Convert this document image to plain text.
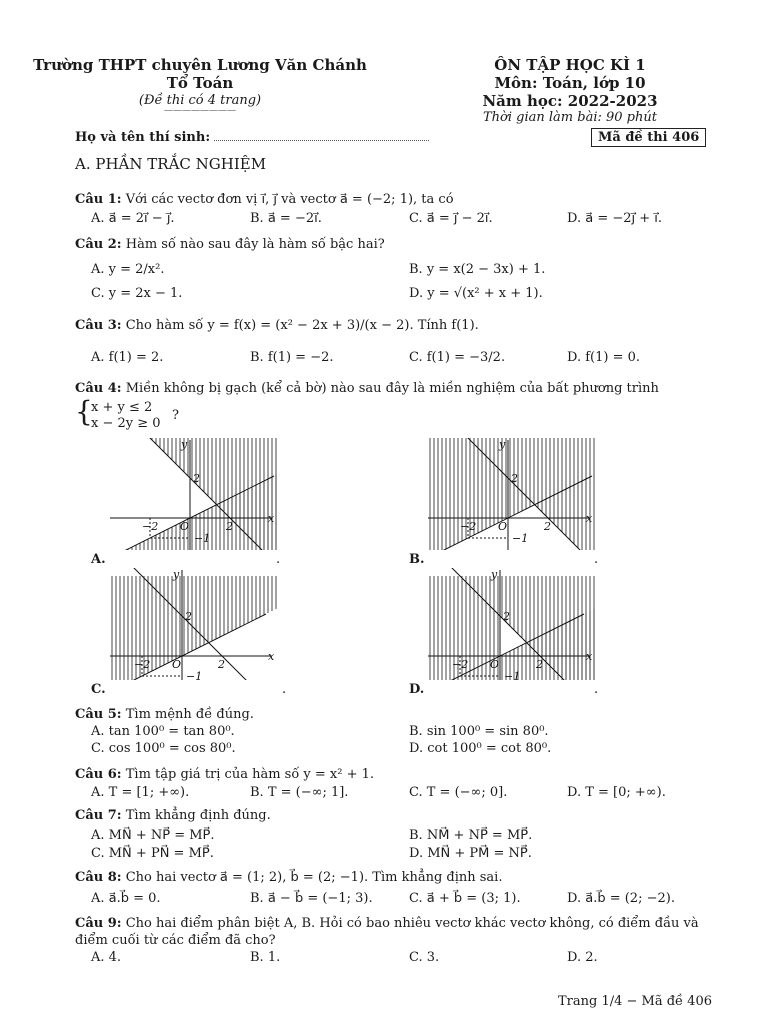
Trường THPT chuyên Lương Văn Chánh
Tổ Toán
(Đề thi có 4 trang)
————————
ÔN TẬP HỌC KÌ 1
Môn: Toán, lớp 10
Năm học: 2022-2023
Thời gian làm bài: 90 phút
Họ và tên thí sinh:	Mã đề thi 406
A. PHẦN TRẮC NGHIỆM
Câu 1: Với các vectơ đơn vị i⃗, j⃗ và vectơ a⃗ = (−2; 1), ta có
A. a⃗ = 2i⃗ − j⃗.	B. a⃗ = −2i⃗.	C. a⃗ = j⃗ − 2i⃗.	D. a⃗ = −2j⃗ + i⃗.
Câu 2: Hàm số nào sau đây là hàm số bậc hai?
A. y = 2/x².	B. y = x(2 − 3x) + 1.
C. y = 2x − 1.	D. y = √(x² + x + 1).
Câu 3: Cho hàm số y = f(x) = (x² − 2x + 3)/(x − 2). Tính f(1).
A. f(1) = 2.	B. f(1) = −2.	C. f(1) = −3/2.	D. f(1) = 0.
Câu 4: Miền không bị gạch (kể cả bờ) nào sau đây là miền nghiệm của bất phương trình
{
x + y ≤ 2
x − 2y ≥ 0
?
y
x
2
2
−2 O
−1
y
x
2
2
−2 O
−1
y
x
2
2
−2 O
−1
y
x
2
2
−2 O
−1
A.	.	B.	.
C.	.	D.	.
Câu 5: Tìm mệnh đề đúng.
A. tan 100⁰ = tan 80⁰.	B. sin 100⁰ = sin 80⁰.
C. cos 100⁰ = cos 80⁰.	D. cot 100⁰ = cot 80⁰.
Câu 6: Tìm tập giá trị của hàm số y = x² + 1.
A. T = [1; +∞).	B. T = (−∞; 1].	C. T = (−∞; 0].	D. T = [0; +∞).
Câu 7: Tìm khẳng định đúng.
A. MN⃗ + NP⃗ = MP⃗.	B. NM⃗ + NP⃗ = MP⃗.
C. MN⃗ + PN⃗ = MP⃗.	D. MN⃗ + PM⃗ = NP⃗.
Câu 8: Cho hai vectơ a⃗ = (1; 2), b⃗ = (2; −1). Tìm khẳng định sai.
A. a⃗.b⃗ = 0.	B. a⃗ − b⃗ = (−1; 3).	C. a⃗ + b⃗ = (3; 1).	D. a⃗.b⃗ = (2; −2).
Câu 9: Cho hai điểm phân biệt A, B. Hỏi có bao nhiêu vectơ khác vectơ không, có điểm đầu và
điểm cuối từ các điểm đã cho?
A. 4.	B. 1.	C. 3.	D. 2.
Trang 1/4 − Mã đề 406
